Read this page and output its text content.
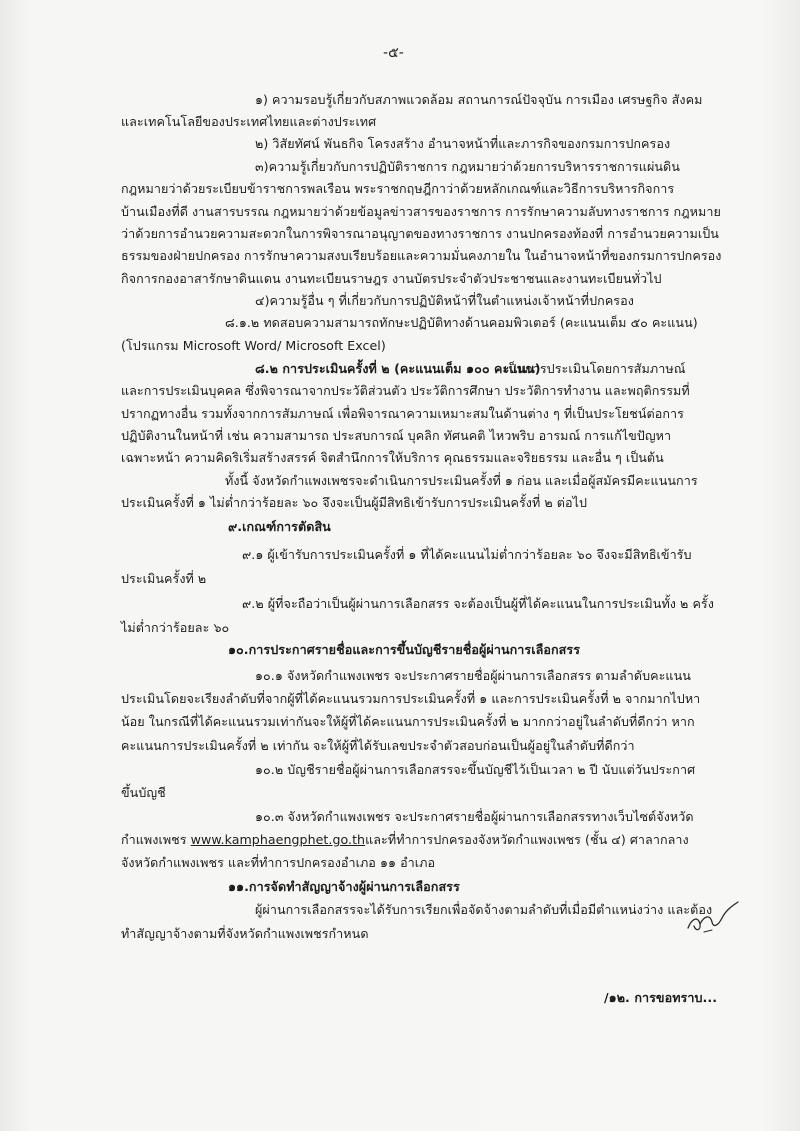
-๕-
๑) ความรอบรู้เกี่ยวกับสภาพแวดล้อม สถานการณ์ปัจจุบัน การเมือง เศรษฐกิจ สังคม
และเทคโนโลยีของประเทศไทยและต่างประเทศ
๒) วิสัยทัศน์ พันธกิจ โครงสร้าง อำนาจหน้าที่และภารกิจของกรมการปกครอง
๓)ความรู้เกี่ยวกับการปฏิบัติราชการ กฎหมายว่าด้วยการบริหารราชการแผ่นดิน
กฎหมายว่าด้วยระเบียบข้าราชการพลเรือน พระราชกฤษฎีกาว่าด้วยหลักเกณฑ์และวิธีการบริหารกิจการ
บ้านเมืองที่ดี งานสารบรรณ กฎหมายว่าด้วยข้อมูลข่าวสารของราชการ การรักษาความลับทางราชการ กฎหมาย
ว่าด้วยการอำนวยความสะดวกในการพิจารณาอนุญาตของทางราชการ งานปกครองท้องที่ การอำนวยความเป็น
ธรรมของฝ่ายปกครอง การรักษาความสงบเรียบร้อยและความมั่นคงภายใน ในอำนาจหน้าที่ของกรมการปกครอง
กิจการกองอาสารักษาดินแดน งานทะเบียนราษฎร งานบัตรประจำตัวประชาชนและงานทะเบียนทั่วไป
๔)ความรู้อื่น ๆ ที่เกี่ยวกับการปฏิบัติหน้าที่ในตำแหน่งเจ้าหน้าที่ปกครอง
๘.๑.๒ ทดสอบความสามารถทักษะปฏิบัติทางด้านคอมพิวเตอร์ (คะแนนเต็ม ๕๐ คะแนน)
(โปรแกรม Microsoft Word/ Microsoft Excel)
๘.๒ การประเมินครั้งที่ ๒ (คะแนนเต็ม ๑๐๐ คะแนน)
เป็นการประเมินโดยการสัมภาษณ์
และการประเมินบุคคล ซึ่งพิจารณาจากประวัติส่วนตัว ประวัติการศึกษา ประวัติการทำงาน และพฤติกรรมที่
ปรากฏทางอื่น รวมทั้งจากการสัมภาษณ์ เพื่อพิจารณาความเหมาะสมในด้านต่าง ๆ ที่เป็นประโยชน์ต่อการ
ปฏิบัติงานในหน้าที่ เช่น ความสามารถ ประสบการณ์ บุคลิก ทัศนคติ ไหวพริบ อารมณ์ การแก้ไขปัญหา
เฉพาะหน้า ความคิดริเริ่มสร้างสรรค์ จิตสำนึกการให้บริการ คุณธรรมและจริยธรรม และอื่น ๆ เป็นต้น
ทั้งนี้ จังหวัดกำแพงเพชรจะดำเนินการประเมินครั้งที่ ๑ ก่อน และเมื่อผู้สมัครมีคะแนนการ
ประเมินครั้งที่ ๑ ไม่ต่ำกว่าร้อยละ ๖๐ จึงจะเป็นผู้มีสิทธิเข้ารับการประเมินครั้งที่ ๒ ต่อไป
๙.เกณฑ์การตัดสิน
๙.๑ ผู้เข้ารับการประเมินครั้งที่ ๑ ที่ได้คะแนนไม่ต่ำกว่าร้อยละ ๖๐ จึงจะมีสิทธิเข้ารับ
ประเมินครั้งที่ ๒
๙.๒ ผู้ที่จะถือว่าเป็นผู้ผ่านการเลือกสรร จะต้องเป็นผู้ที่ได้คะแนนในการประเมินทั้ง ๒ ครั้ง
ไม่ต่ำกว่าร้อยละ ๖๐
๑๐.การประกาศรายชื่อและการขึ้นบัญชีรายชื่อผู้ผ่านการเลือกสรร
๑๐.๑ จังหวัดกำแพงเพชร จะประกาศรายชื่อผู้ผ่านการเลือกสรร ตามลำดับคะแนน
ประเมินโดยจะเรียงลำดับที่จากผู้ที่ได้คะแนนรวมการประเมินครั้งที่ ๑ และการประเมินครั้งที่ ๒ จากมากไปหา
น้อย ในกรณีที่ได้คะแนนรวมเท่ากันจะให้ผู้ที่ได้คะแนนการประเมินครั้งที่ ๒ มากกว่าอยู่ในลำดับที่ดีกว่า หาก
คะแนนการประเมินครั้งที่ ๒ เท่ากัน จะให้ผู้ที่ได้รับเลขประจำตัวสอบก่อนเป็นผู้อยู่ในลำดับที่ดีกว่า
๑๐.๒ บัญชีรายชื่อผู้ผ่านการเลือกสรรจะขึ้นบัญชีไว้เป็นเวลา ๒ ปี นับแต่วันประกาศ
ขึ้นบัญชี
๑๐.๓ จังหวัดกำแพงเพชร จะประกาศรายชื่อผู้ผ่านการเลือกสรรทางเว็บไซต์จังหวัด
กำแพงเพชร www.kamphaengphet.go.thและที่ทำการปกครองจังหวัดกำแพงเพชร (ชั้น ๔) ศาลากลาง
จังหวัดกำแพงเพชร และที่ทำการปกครองอำเภอ ๑๑ อำเภอ
๑๑.การจัดทำสัญญาจ้างผู้ผ่านการเลือกสรร
ผู้ผ่านการเลือกสรรจะได้รับการเรียกเพื่อจัดจ้างตามลำดับที่เมื่อมีตำแหน่งว่าง และต้อง
ทำสัญญาจ้างตามที่จังหวัดกำแพงเพชรกำหนด
/๑๒. การขอทราบ...
